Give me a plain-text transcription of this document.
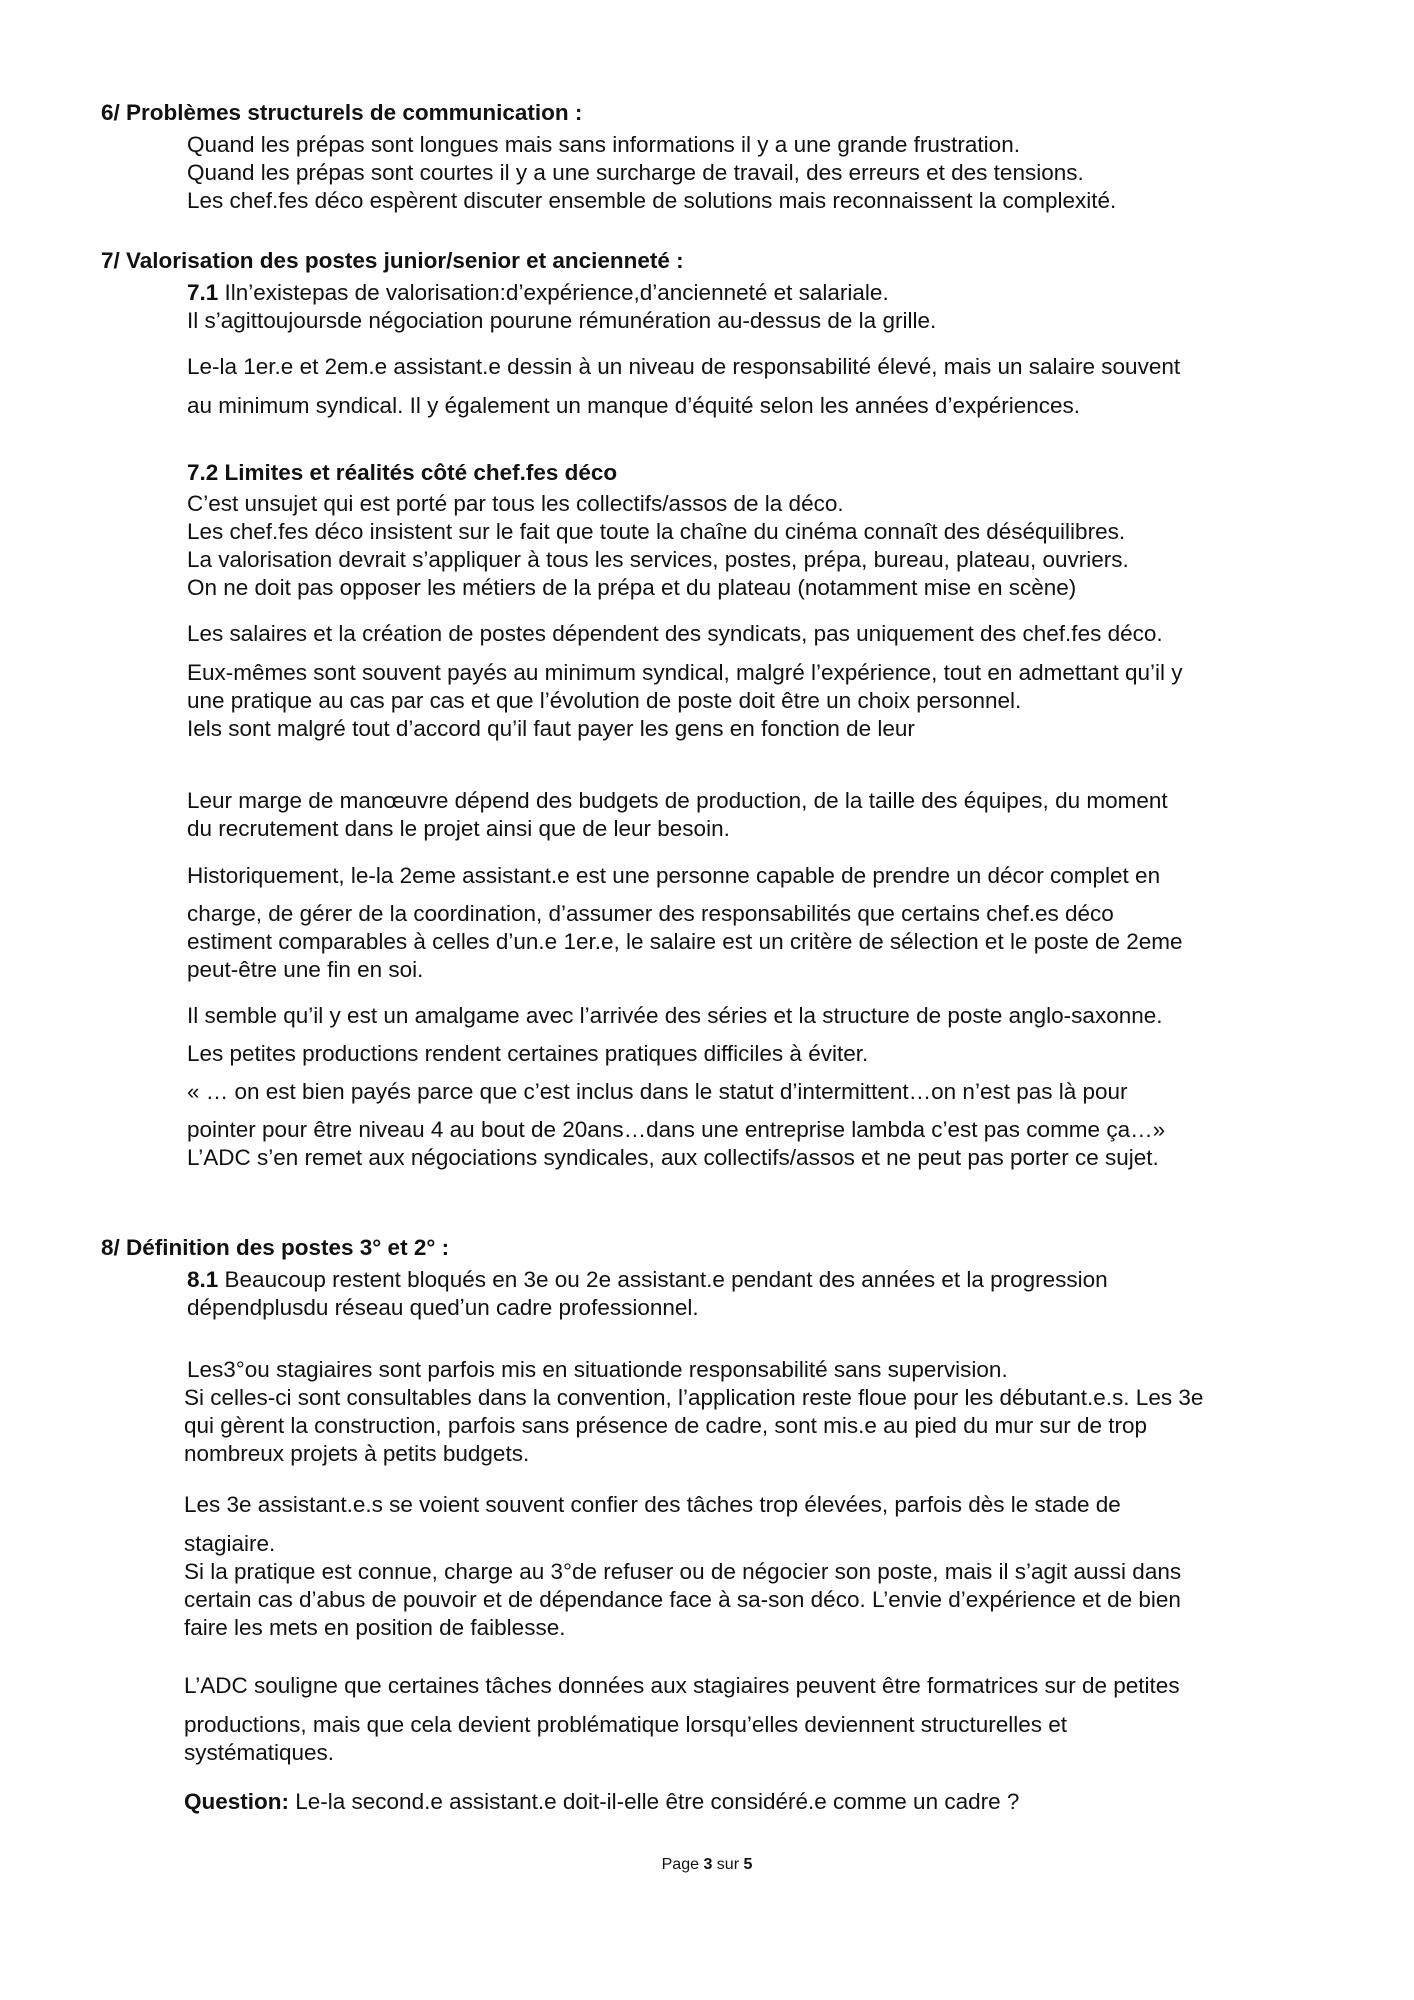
6/ Problèmes structurels de communication :

Quand les prépas sont longues mais sans informations il y a une grande frustration.

Quand les prépas sont courtes il y a une surcharge de travail, des erreurs et des tensions.

Les chef.fes déco espèrent discuter ensemble de solutions mais reconnaissent la complexité.

7/ Valorisation des postes junior/senior et ancienneté :

7.1 Iln’existepas de valorisation:d’expérience,d’ancienneté et salariale.

Il s’agittoujoursde négociation pourune rémunération au-dessus de la grille.

Le-la 1er.e et 2em.e assistant.e dessin à un niveau de responsabilité élevé, mais un salaire souvent

au minimum syndical. Il y également un manque d’équité selon les années d’expériences.

7.2 Limites et réalités côté chef.fes déco

C’est unsujet qui est porté par tous les collectifs/assos de la déco.

Les chef.fes déco insistent sur le fait que toute la chaîne du cinéma connaît des déséquilibres.

La valorisation devrait s’appliquer à tous les services, postes, prépa, bureau, plateau, ouvriers.

On ne doit pas opposer les métiers de la prépa et du plateau (notamment mise en scène)

Les salaires et la création de postes dépendent des syndicats, pas uniquement des chef.fes déco.

Eux-mêmes sont souvent payés au minimum syndical, malgré l’expérience, tout en admettant qu’il y

une pratique au cas par cas et que l’évolution de poste doit être un choix personnel.

Iels sont malgré tout d’accord qu’il faut payer les gens en fonction de leur

Leur marge de manœuvre dépend des budgets de production, de la taille des équipes, du moment

du recrutement dans le projet ainsi que de leur besoin.

Historiquement, le-la 2eme assistant.e est une personne capable de prendre un décor complet en

charge, de gérer de la coordination, d’assumer des responsabilités que certains chef.es déco

estiment comparables à celles d’un.e 1er.e, le salaire est un critère de sélection et le poste de 2eme

peut-être une fin en soi.

Il semble qu’il y est un amalgame avec l’arrivée des séries et la structure de poste anglo-saxonne.

Les petites productions rendent certaines pratiques difficiles à éviter.

« … on est bien payés parce que c’est inclus dans le statut d’intermittent…on n’est pas là pour

pointer pour être niveau 4 au bout de 20ans…dans une entreprise lambda c’est pas comme ça…»

L’ADC s’en remet aux négociations syndicales, aux collectifs/assos et ne peut pas porter ce sujet.

8/ Définition des postes 3° et 2° :

8.1 Beaucoup restent bloqués en 3e ou 2e assistant.e pendant des années et la progression

dépendplusdu réseau quedʼun cadre professionnel.

Les3°ou stagiaires sont parfois mis en situationde responsabilité sans supervision.

Si celles-ci sont consultables dans la convention, l’application reste floue pour les débutant.e.s. Les 3e

qui gèrent la construction, parfois sans présence de cadre, sont mis.e au pied du mur sur de trop

nombreux projets à petits budgets.

Les 3e assistant.e.s se voient souvent confier des tâches trop élevées, parfois dès le stade de

stagiaire.

Si la pratique est connue, charge au 3°de refuser ou de négocier son poste, mais il s’agit aussi dans

certain cas d’abus de pouvoir et de dépendance face à sa-son déco. L’envie d’expérience et de bien

faire les mets en position de faiblesse.

L’ADC souligne que certaines tâches données aux stagiaires peuvent être formatrices sur de petites

productions, mais que cela devient problématique lorsqu’elles deviennent structurelles et

systématiques.

Question: Le-la second.e assistant.e doit-il-elle être considéré.e comme un cadre ?

Page 3 sur 5
